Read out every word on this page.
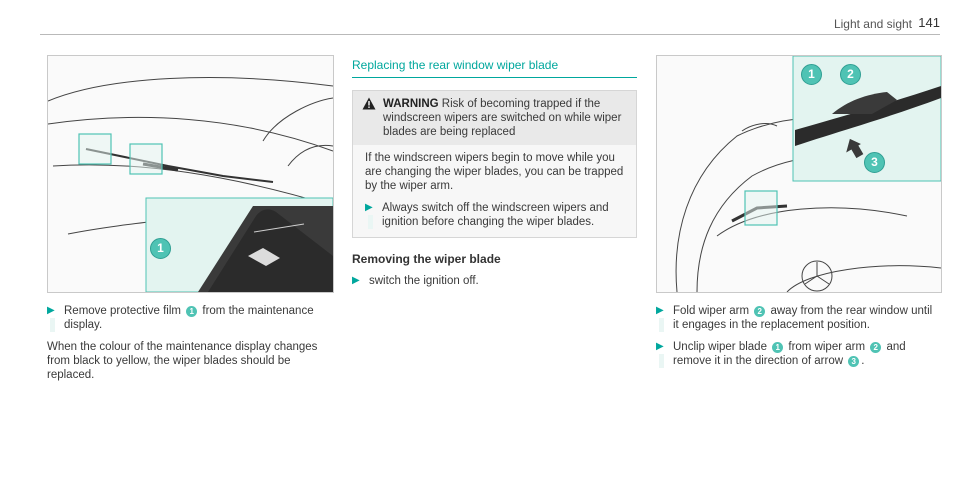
Light and sight 141
1
▶ Remove protective film 1 from the maintenance display.

When the colour of the maintenance display changes from black to yellow, the wiper blades should be replaced.

Replacing the rear window wiper blade
WARNING Risk of becoming trapped if the windscreen wipers are switched on while wiper blades are being replaced

If the windscreen wipers begin to move while you are changing the wiper blades, you can be trapped by the wiper arm.

▶ Always switch off the windscreen wipers and ignition before changing the wiper blades.
Removing the wiper blade
▶ switch the ignition off.
1	2
3
▶ Fold wiper arm 2 away from the rear window until it engages in the replacement position.
▶ Unclip wiper blade 1 from wiper arm 2 and remove it in the direction of arrow 3 .
